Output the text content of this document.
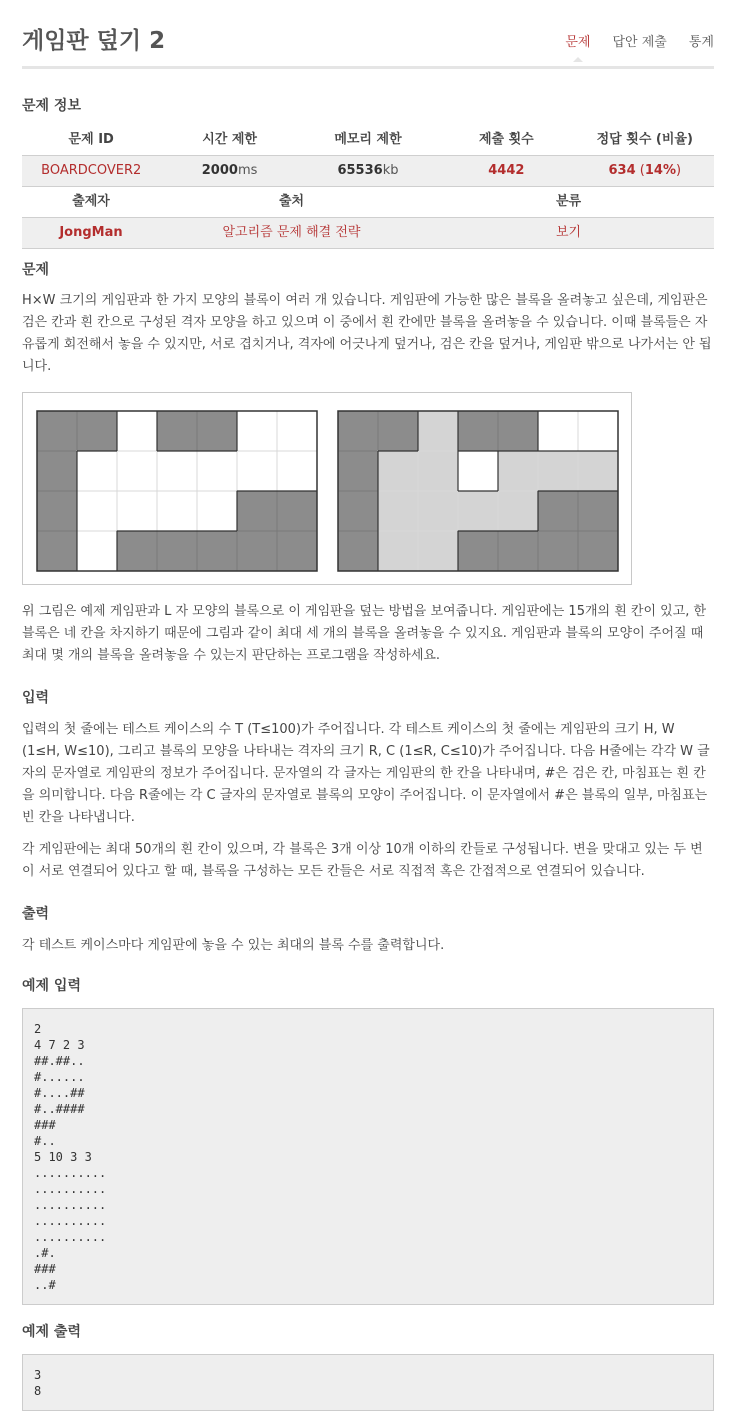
게임판 덮기 2	문제 답안 제출 통계
문제 정보
문제 ID	시간 제한	메모리 제한	제출 횟수	정답 횟수 (비율)
BOARDCOVER2	2000ms	65536kb	4442	634 (14%)
출제자	출처	분류
JongMan	알고리즘 문제 해결 전략	보기
문제

H×W 크기의 게임판과 한 가지 모양의 블록이 여러 개 있습니다. 게임판에 가능한 많은 블록을 올려놓고 싶은데, 게임판은 검은 칸과 흰 칸으로 구성된 격자 모양을 하고 있으며 이 중에서 흰 칸에만 블록을 올려놓을 수 있습니다. 이때 블록들은 자유롭게 회전해서 놓을 수 있지만, 서로 겹치거나, 격자에 어긋나게 덮거나, 검은 칸을 덮거나, 게임판 밖으로 나가서는 안 됩니다.

위 그림은 예제 게임판과 L 자 모양의 블록으로 이 게임판을 덮는 방법을 보여줍니다. 게임판에는 15개의 흰 칸이 있고, 한 블록은 네 칸을 차지하기 때문에 그림과 같이 최대 세 개의 블록을 올려놓을 수 있지요. 게임판과 블록의 모양이 주어질 때 최대 몇 개의 블록을 올려놓을 수 있는지 판단하는 프로그램을 작성하세요.

입력

입력의 첫 줄에는 테스트 케이스의 수 T (T≤100)가 주어집니다. 각 테스트 케이스의 첫 줄에는 게임판의 크기 H, W (1≤H, W≤10), 그리고 블록의 모양을 나타내는 격자의 크기 R, C (1≤R, C≤10)가 주어집니다. 다음 H줄에는 각각 W 글자의 문자열로 게임판의 정보가 주어집니다. 문자열의 각 글자는 게임판의 한 칸을 나타내며, #은 검은 칸, 마침표는 흰 칸을 의미합니다. 다음 R줄에는 각 C 글자의 문자열로 블록의 모양이 주어집니다. 이 문자열에서 #은 블록의 일부, 마침표는 빈 칸을 나타냅니다.

각 게임판에는 최대 50개의 흰 칸이 있으며, 각 블록은 3개 이상 10개 이하의 칸들로 구성됩니다. 변을 맞대고 있는 두 변이 서로 연결되어 있다고 할 때, 블록을 구성하는 모든 칸들은 서로 직접적 혹은 간접적으로 연결되어 있습니다.

출력

각 테스트 케이스마다 게임판에 놓을 수 있는 최대의 블록 수를 출력합니다.

예제 입력
2
4 7 2 3
##.##..
#......
#....##
#..####
###
#..
5 10 3 3
..........
..........
..........
..........
..........
.#.
###
..#
예제 출력
3
8
